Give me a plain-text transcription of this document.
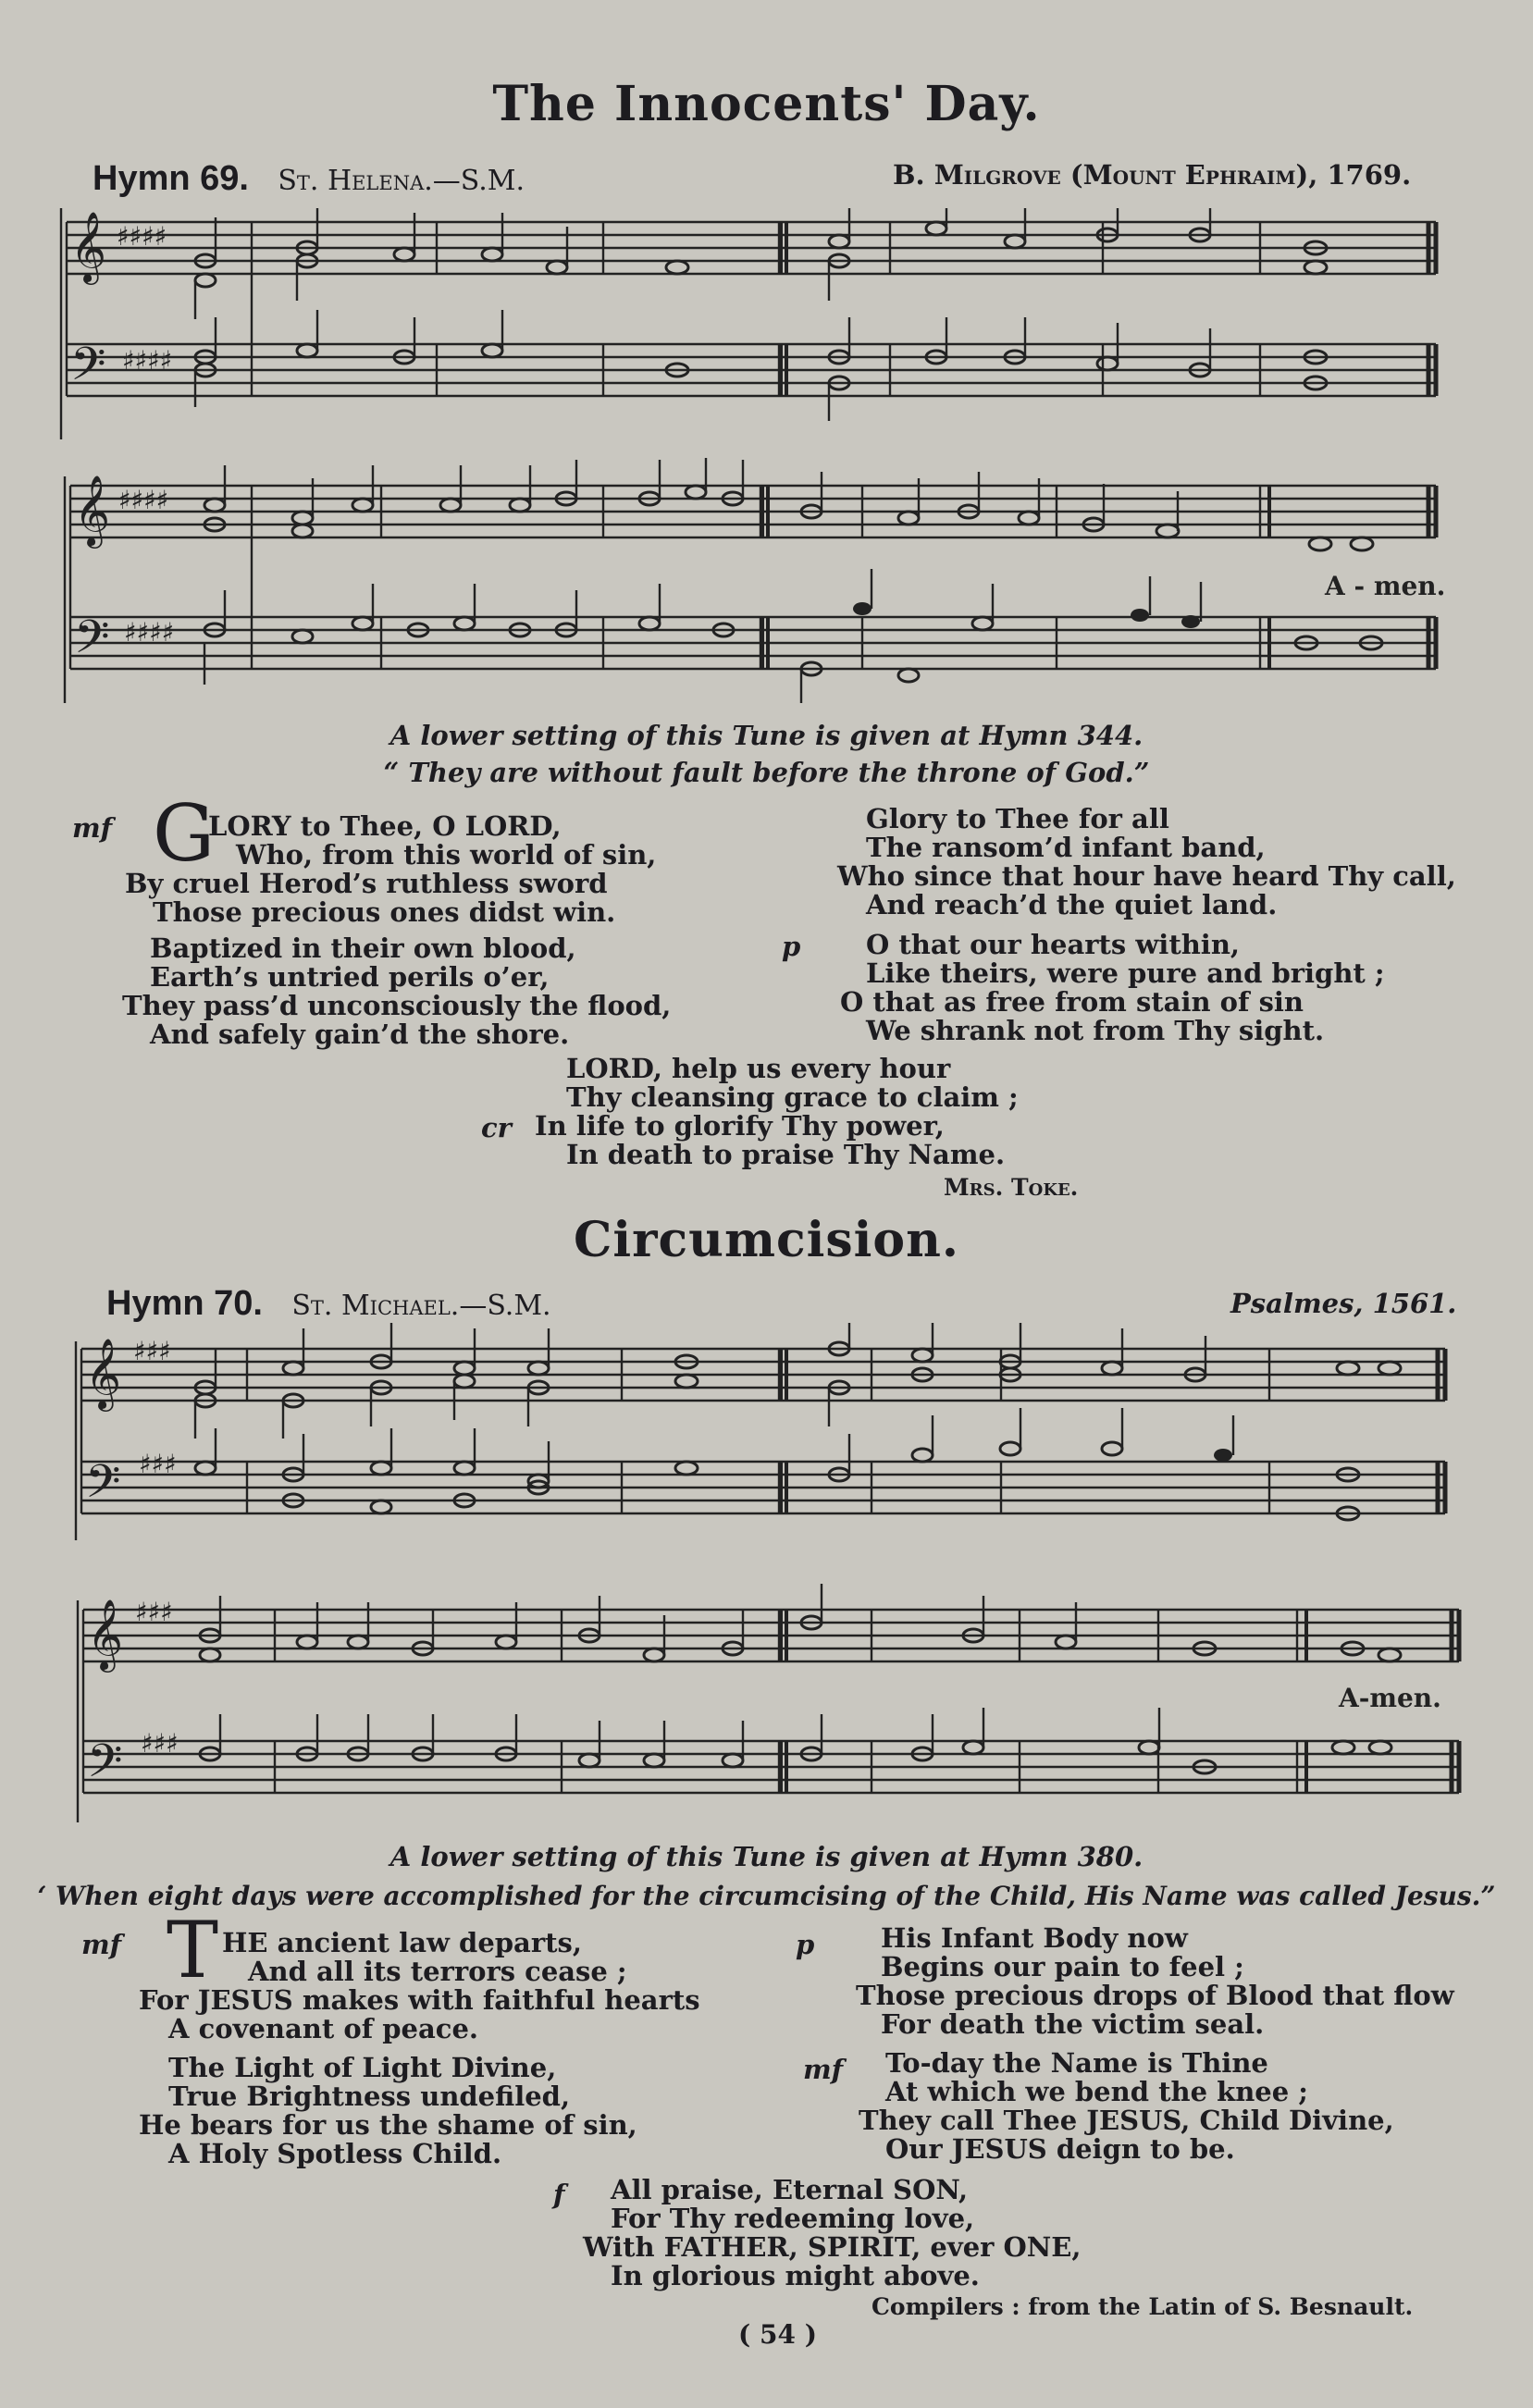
The Innocents' Day.
Hymn 69. St. Helena.—S.M.	B. Milgrove (Mount Ephraim), 1769.
𝄞
𝄢
♯♯♯♯
♯♯♯♯
𝄞
𝄢
♯♯♯♯
♯♯♯♯
A - men.
A lower setting of this Tune is given at Hymn 344.
“ They are without fault before the throne of God.”
mf G
LORY to Thee, O LORD,
Who, from this world of sin,
By cruel Herod’s ruthless sword
Those precious ones didst win.
Baptized in their own blood,
Earth’s untried perils o’er,
They pass’d unconsciously the flood,
And safely gain’d the shore.
Glory to Thee for all
The ransom’d infant band,
Who since that hour have heard Thy call,
And reach’d the quiet land.
p O that our hearts within,
Like theirs, were pure and bright ;
O that as free from stain of sin
We shrank not from Thy sight.
cr
LORD, help us every hour
Thy cleansing grace to claim ;
In life to glorify Thy power,
In death to praise Thy Name.
Mrs. Toke.
Circumcision.
Hymn 70. St. Michael.—S.M.	Psalmes, 1561.
𝄞
𝄢
♯♯♯
♯♯♯
𝄞
𝄢
♯♯♯
♯♯♯
A-men.
A lower setting of this Tune is given at Hymn 380.
‘ When eight days were accomplished for the circumcising of the Child, His Name was called Jesus.”
mf T HE ancient law departs,
And all its terrors cease ;
For JESUS makes with faithful hearts
A covenant of peace.
The Light of Light Divine,
True Brightness undefiled,
He bears for us the shame of sin,
A Holy Spotless Child.
p His Infant Body now
Begins our pain to feel ;
Those precious drops of Blood that flow
For death the victim seal.
mf To-day the Name is Thine
At which we bend the knee ;
They call Thee JESUS, Child Divine,
Our JESUS deign to be.
f All praise, Eternal SON,
For Thy redeeming love,
With FATHER, SPIRIT, ever ONE,
In glorious might above.
Compilers : from the Latin of S. Besnault.
( 54 )
